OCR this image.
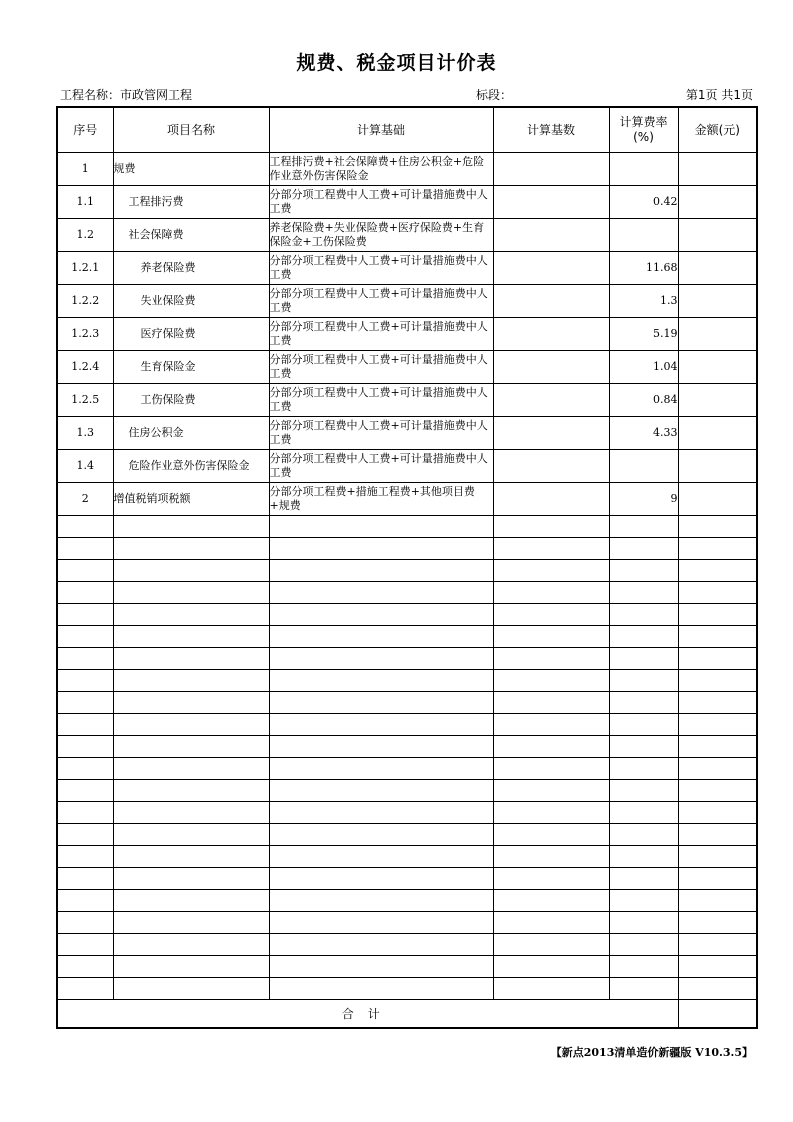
规费、税金项目计价表
工程名称：市政管网工程	标段：	第1页 共1页
序号	项目名称	计算基础	计算基数	计算费率(%)	金额(元)
1	规费	工程排污费+社会保障费+住房公积金+危险作业意外伤害保险金			
1.1	工程排污费	分部分项工程费中人工费+可计量措施费中人工费		0.42	
1.2	社会保障费	养老保险费+失业保险费+医疗保险费+生育保险金+工伤保险费			
1.2.1	养老保险费	分部分项工程费中人工费+可计量措施费中人工费		11.68	
1.2.2	失业保险费	分部分项工程费中人工费+可计量措施费中人工费		1.3	
1.2.3	医疗保险费	分部分项工程费中人工费+可计量措施费中人工费		5.19	
1.2.4	生育保险金	分部分项工程费中人工费+可计量措施费中人工费		1.04	
1.2.5	工伤保险费	分部分项工程费中人工费+可计量措施费中人工费		0.84	
1.3	住房公积金	分部分项工程费中人工费+可计量措施费中人工费		4.33	
1.4	危险作业意外伤害保险金	分部分项工程费中人工费+可计量措施费中人工费			
2	增值税销项税额	分部分项工程费+措施工程费+其他项目费+规费		9	

合计					
【新点2013清单造价新疆版 V10.3.5】
